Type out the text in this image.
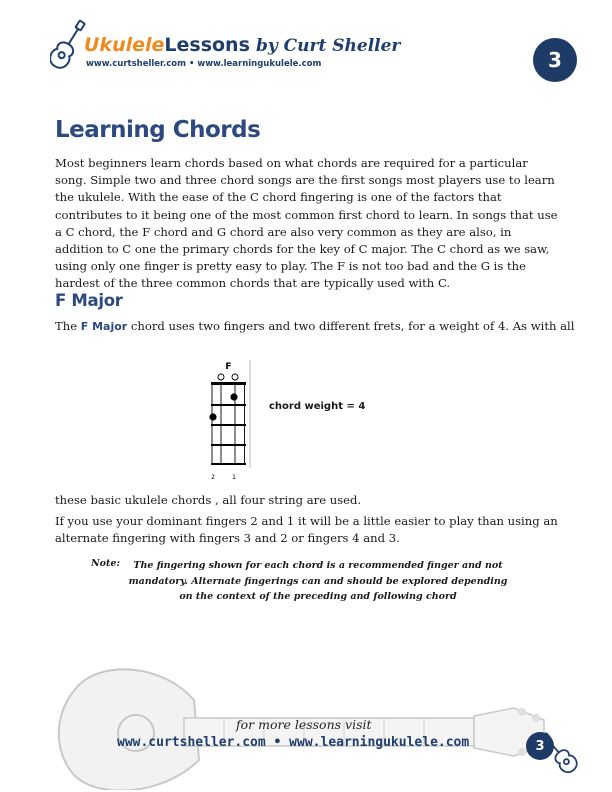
UkuleleLessons by Curt Sheller
www.curtsheller.com • www.learningukulele.com	3
Learning Chords

Most beginners learn chords based on what chords are required for a particular song. Simple two and three chord songs are the first songs most players use to learn the ukulele. With the ease of the C chord fingering is one of the factors that contributes to it being one of the most common first chord to learn. In songs that use a C chord, the F chord and G chord are also very common as they are also, in addition to C one the primary chords for the key of C major. The C chord as we saw, using only one finger is pretty easy to play. The F is not too bad and the G is the hardest of the three common chords that are typically used with C.

F Major
The F Major chord uses two fingers and two different frets, for a weight of 4. As with all
F
2	1
chord weight = 4
these basic ukulele chords , all four string are used.

If you use your dominant fingers 2 and 1 it will be a little easier to play than using an alternate fingering with fingers 3 and 2 or fingers 4 and 3.

Note:	The fingering shown for each chord is a recommended finger and not mandatory. Alternate fingerings can and should be explored depending on the context of the preceding and following chord
for more lessons visit
www.curtsheller.com • www.learningukulele.com	3
